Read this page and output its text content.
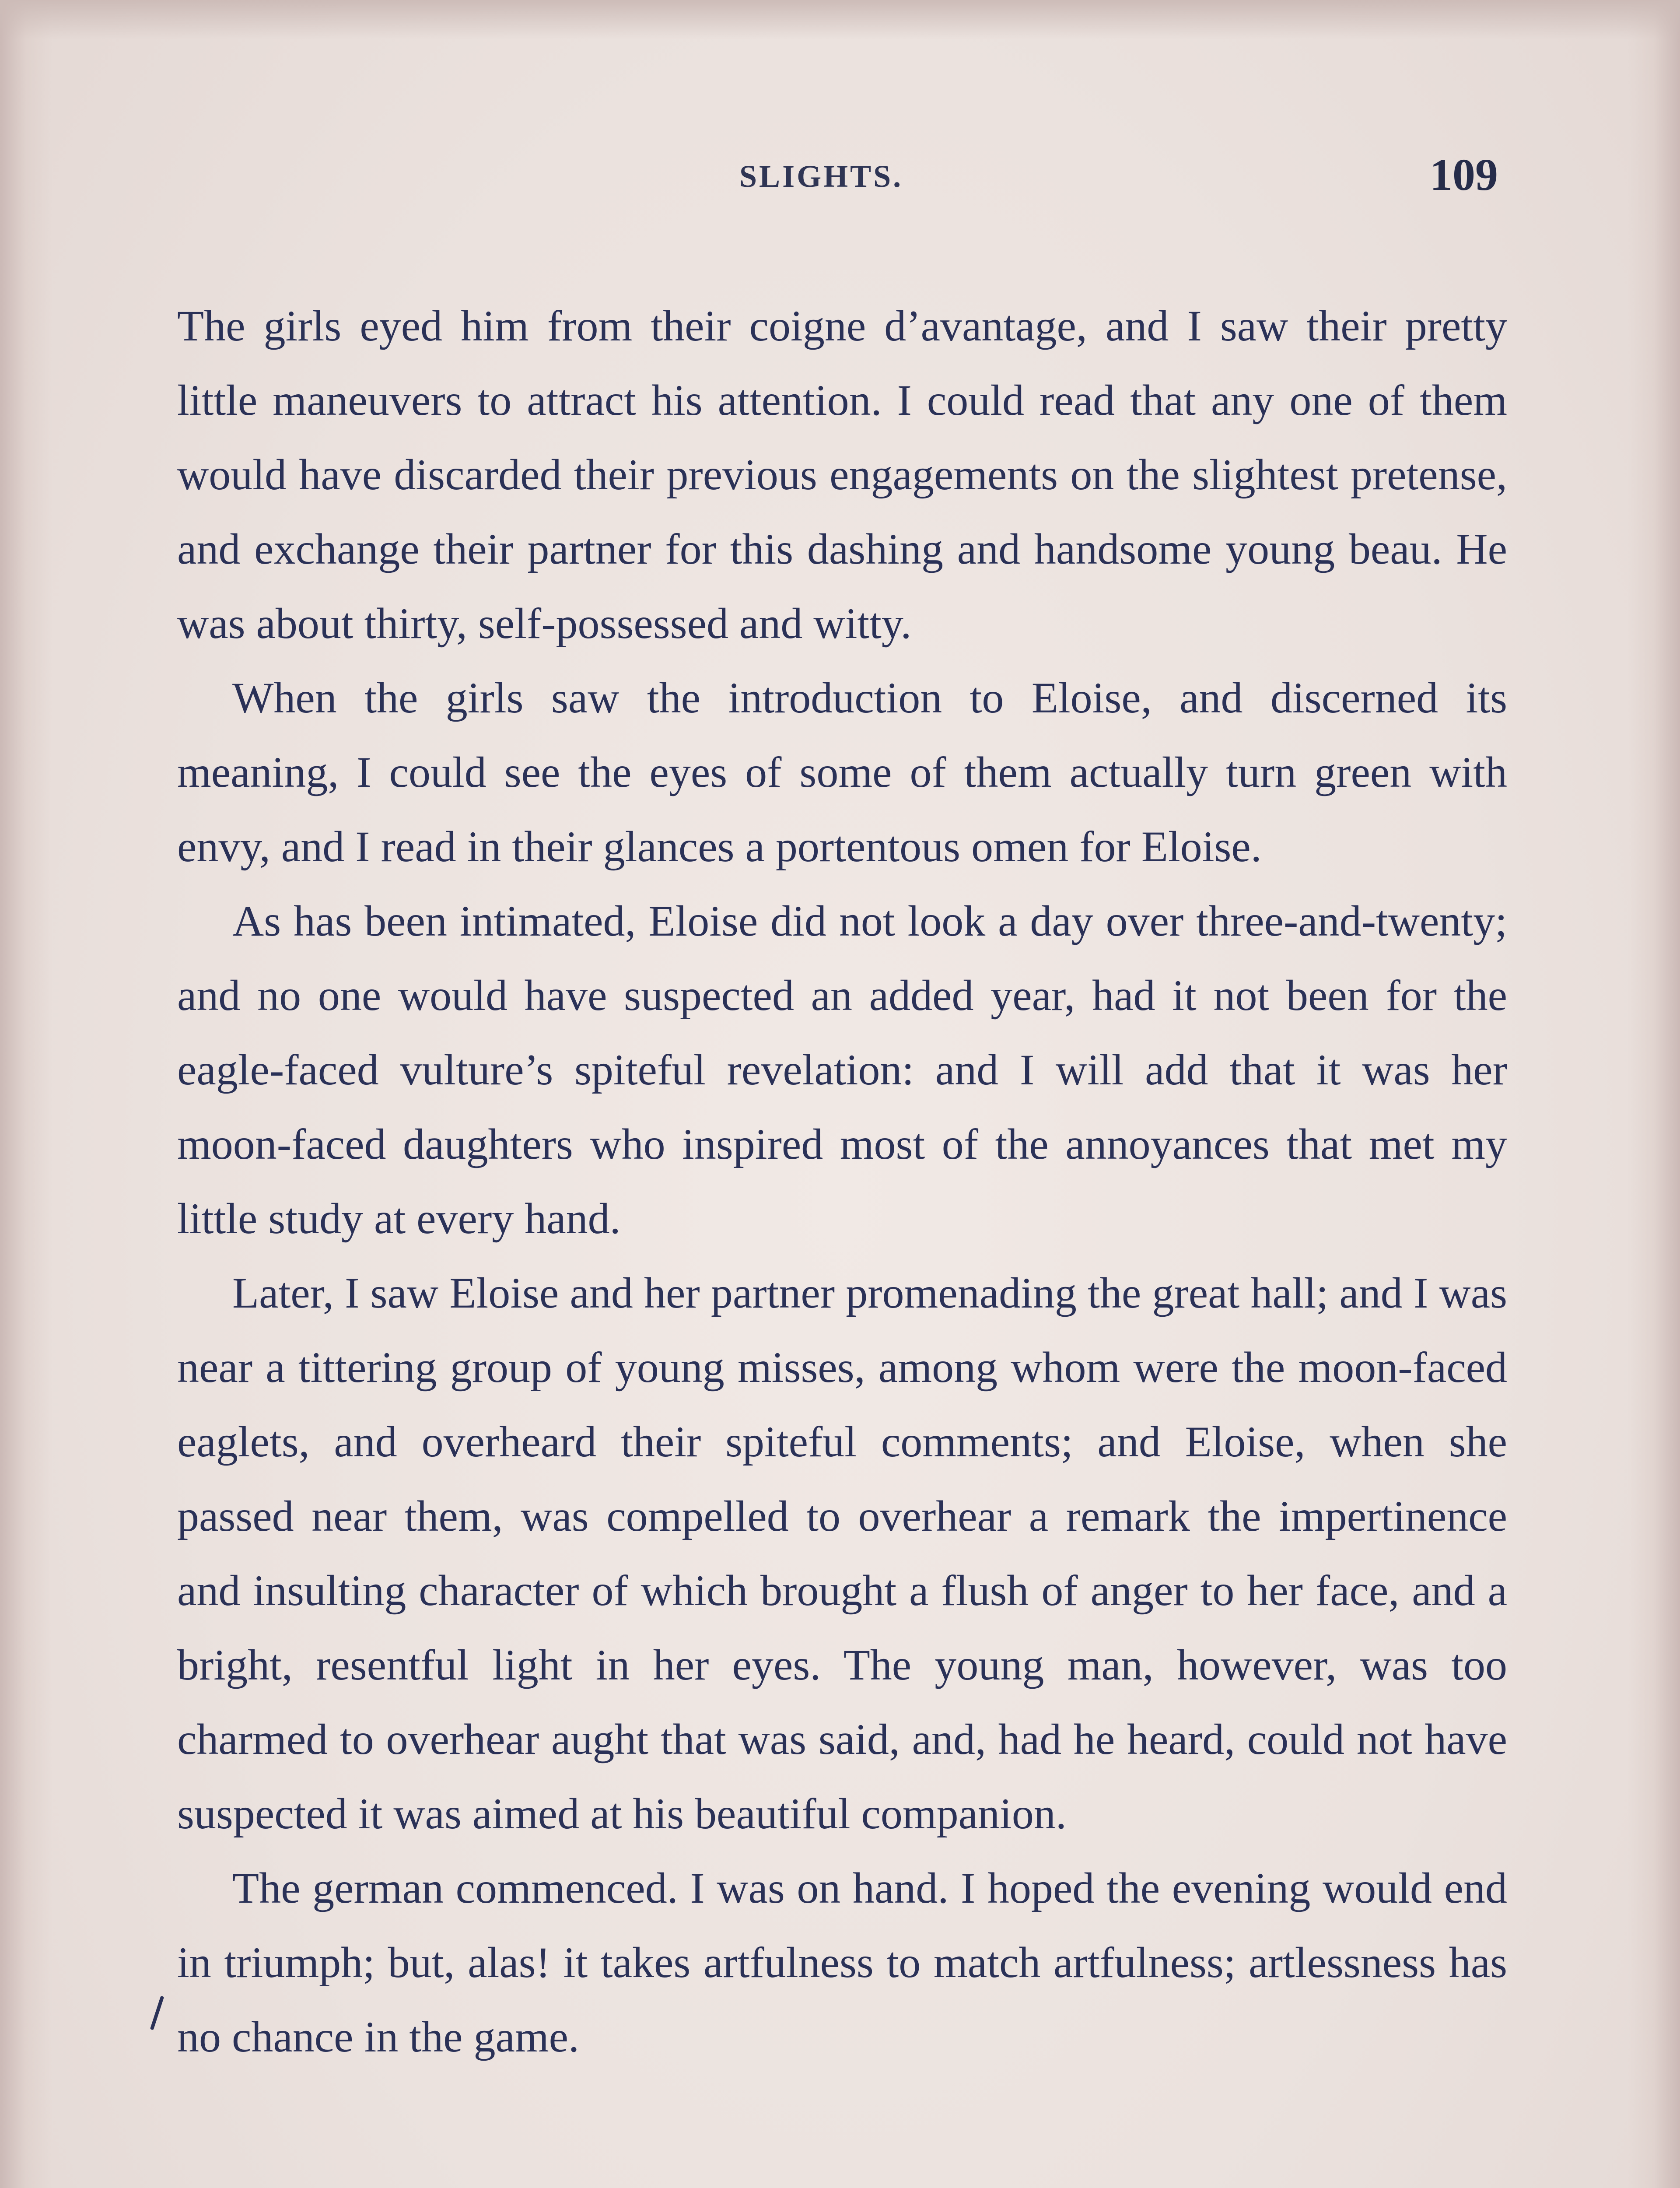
SLIGHTS.	109

The girls eyed him from their coigne d’avantage, and I saw their pretty little maneuvers to attract his attention. I could read that any one of them would have discarded their previous engagements on the slightest pretense, and exchange their partner for this dashing and handsome young beau. He was about thirty, self-possessed and witty.

When the girls saw the introduction to Eloise, and discerned its meaning, I could see the eyes of some of them actually turn green with envy, and I read in their glances a portentous omen for Eloise.

As has been intimated, Eloise did not look a day over three-and-twenty; and no one would have suspected an added year, had it not been for the eagle-faced vulture’s spiteful revelation: and I will add that it was her moon-faced daughters who inspired most of the annoyances that met my little study at every hand.

Later, I saw Eloise and her partner promenading the great hall; and I was near a tittering group of young misses, among whom were the moon-faced eaglets, and overheard their spiteful comments; and Eloise, when she passed near them, was compelled to overhear a remark the impertinence and insulting character of which brought a flush of anger to her face, and a bright, resentful light in her eyes. The young man, however, was too charmed to overhear aught that was said, and, had he heard, could not have suspected it was aimed at his beautiful companion.

The german commenced. I was on hand. I hoped the evening would end in triumph; but, alas! it takes artfulness to match artfulness; artlessness has no chance in the game.
